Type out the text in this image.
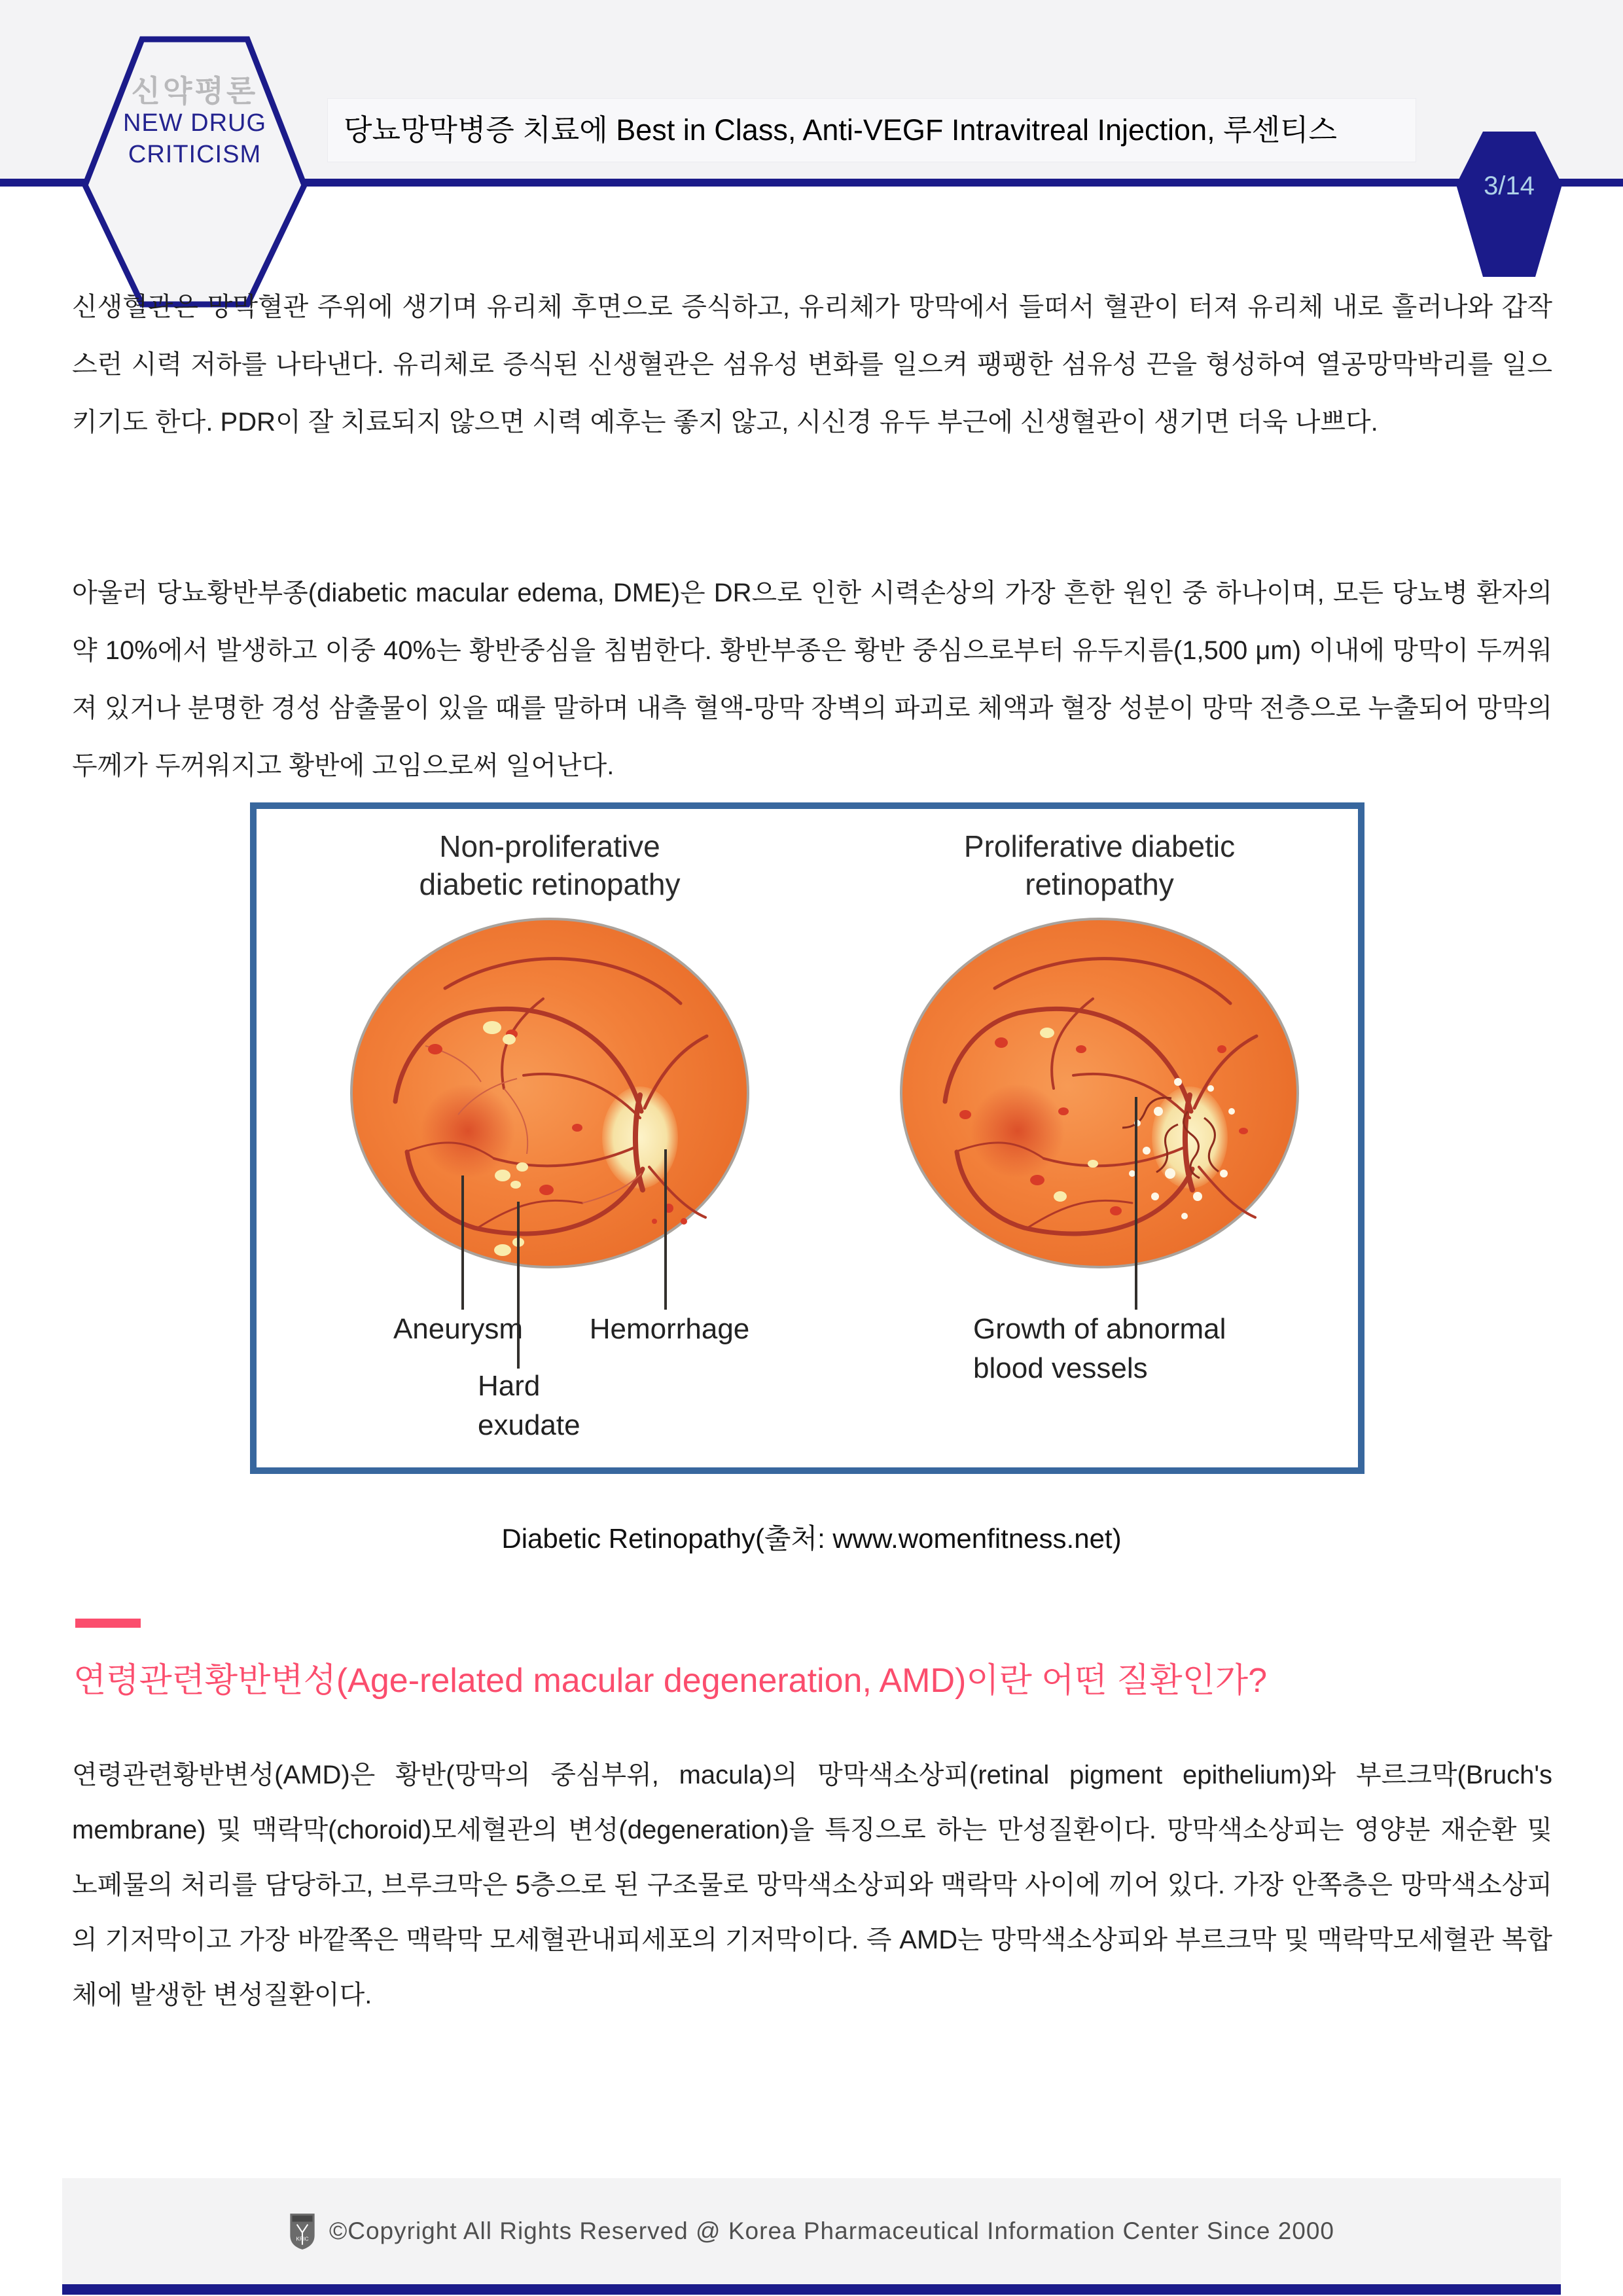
신약평론
NEW DRUG
CRITICISM
당뇨망막병증 치료에 Best in Class, Anti-VEGF Intravitreal Injection, 루센티스
3/14

신생혈관은 망막혈관 주위에 생기며 유리체 후면으로 증식하고, 유리체가 망막에서 들떠서 혈관이 터져 유리체 내로 흘러나와 갑작스런 시력 저하를 나타낸다. 유리체로 증식된 신생혈관은 섬유성 변화를 일으켜 팽팽한 섬유성 끈을 형성하여 열공망막박리를 일으키기도 한다. PDR이 잘 치료되지 않으면 시력 예후는 좋지 않고, 시신경 유두 부근에 신생혈관이 생기면 더욱 나쁘다.

아울러 당뇨황반부종(diabetic macular edema, DME)은 DR으로 인한 시력손상의 가장 흔한 원인 중 하나이며, 모든 당뇨병 환자의 약 10%에서 발생하고 이중 40%는 황반중심을 침범한다. 황반부종은 황반 중심으로부터 유두지름(1,500 μm) 이내에 망막이 두꺼워져 있거나 분명한 경성 삼출물이 있을 때를 말하며 내측 혈액-망막 장벽의 파괴로 체액과 혈장 성분이 망막 전층으로 누출되어 망막의 두께가 두꺼워지고 황반에 고임으로써 일어난다.

Non-proliferative diabetic retinopathy
Proliferative diabetic retinopathy
Aneurysm	Hemorrhage
Hard exudate
Growth of abnormal blood vessels
Diabetic Retinopathy(출처: www.womenfitness.net)
연령관련황반변성(Age-related macular degeneration, AMD)이란 어떤 질환인가?

연령관련황반변성(AMD)은 황반(망막의 중심부위, macula)의 망막색소상피(retinal pigment epithelium)와 부르크막(Bruch's membrane) 및 맥락막(choroid)모세혈관의 변성(degeneration)을 특징으로 하는 만성질환이다. 망막색소상피는 영양분 재순환 및 노폐물의 처리를 담당하고, 브루크막은 5층으로 된 구조물로 망막색소상피와 맥락막 사이에 끼어 있다. 가장 안쪽층은 망막색소상피의 기저막이고 가장 바깥쪽은 맥락막 모세혈관내피세포의 기저막이다. 즉 AMD는 망막색소상피와 부르크막 및 맥락막모세혈관 복합체에 발생한 변성질환이다.

KPIC ©Copyright All Rights Reserved @ Korea Pharmaceutical Information Center Since 2000
